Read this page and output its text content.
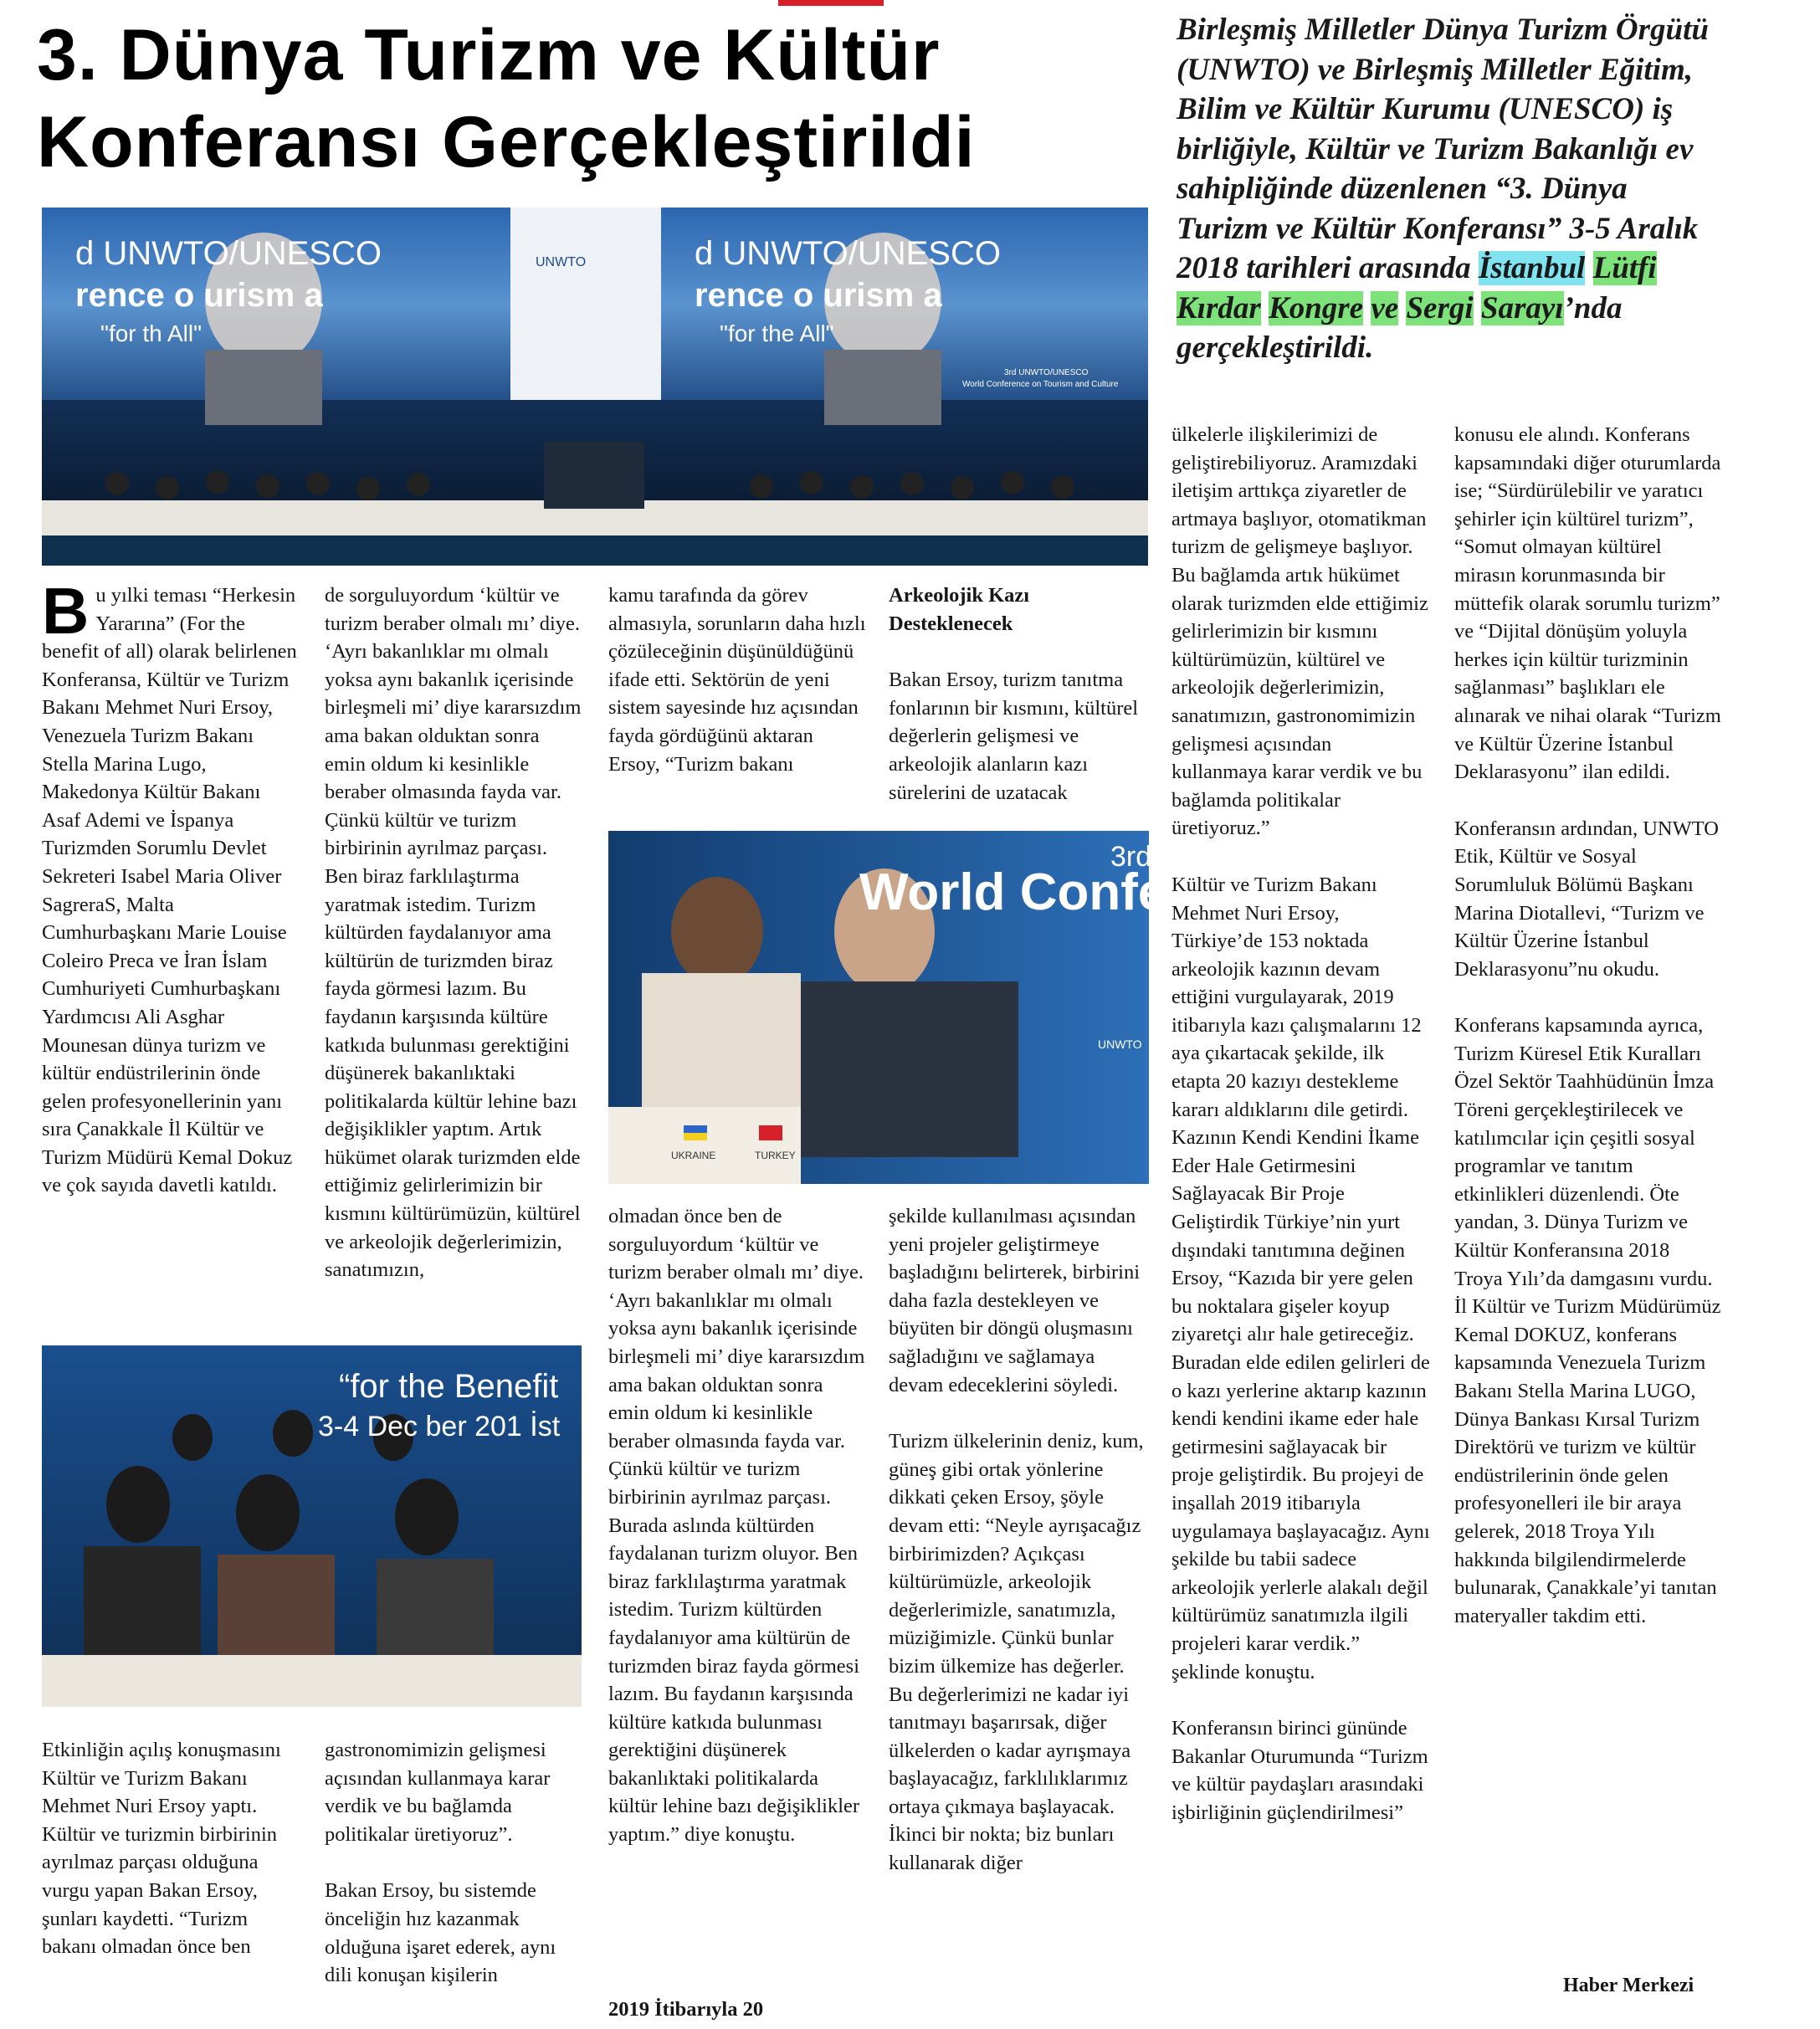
3. Dünya Turizm ve Kültür
Konferansı Gerçekleştirildi

Birleşmiş Milletler Dünya Turizm Örgütü (UNWTO) ve Birleşmiş Milletler Eğitim, Bilim ve Kültür Kurumu (UNESCO) iş birliğiyle, Kültür ve Turizm Bakanlığı ev sahipliğinde düzenlenen “3. Dünya Turizm ve Kültür Konferansı” 3-5 Aralık 2018 tarihleri arasında İstanbul Lütfi Kırdar Kongre ve Sergi Sarayı’nda gerçekleştirildi.

d UNWTO/UNESCO
rence o urism a
"for th All"
d UNWTO/UNESCO
rence o urism a
"for the All"
UNWTO
3rd UNWTO/UNESCO
World Conference on Tourism and Culture
3rd
World Confer
UNWTO
UKRAINE	TURKEY
“for the Benefit
3-4 Dec ber 201 İst

Bu yılki teması “Herkesin Yararına” (For the benefit of all) olarak belirlenen Konferansa, Kültür ve Turizm Bakanı Mehmet Nuri Ersoy, Venezuela Turizm Bakanı Stella Marina Lugo, Makedonya Kültür Bakanı Asaf Ademi ve İspanya Turizmden Sorumlu Devlet Sekreteri Isabel Maria Oliver SagreraS, Malta Cumhurbaşkanı Marie Louise Coleiro Preca ve İran İslam Cumhuriyeti Cumhurbaşkanı Yardımcısı Ali Asghar Mounesan dünya turizm ve kültür endüstrilerinin önde gelen profesyonellerinin yanı sıra Çanakkale İl Kültür ve Turizm Müdürü Kemal Dokuz ve çok sayıda davetli katıldı.

Etkinliğin açılış konuşmasını Kültür ve Turizm Bakanı Mehmet Nuri Ersoy yaptı. Kültür ve turizmin birbirinin ayrılmaz parçası olduğuna vurgu yapan Bakan Ersoy, şunları kaydetti. “Turizm bakanı olmadan önce ben

de sorguluyordum ‘kültür ve turizm beraber olmalı mı’ diye. ‘Ayrı bakanlıklar mı olmalı yoksa aynı bakanlık içerisinde birleşmeli mi’ diye kararsızdım ama bakan olduktan sonra emin oldum ki kesinlikle beraber olmasında fayda var. Çünkü kültür ve turizm birbirinin ayrılmaz parçası. Ben biraz farklılaştırma yaratmak istedim. Turizm kültürden faydalanıyor ama kültürün de turizmden biraz fayda görmesi lazım. Bu faydanın karşısında kültüre katkıda bulunması gerektiğini düşünerek bakanlıktaki politikalarda kültür lehine bazı değişiklikler yaptım. Artık hükümet olarak turizmden elde ettiğimiz gelirlerimizin bir kısmını kültürümüzün, kültürel ve arkeolojik değerlerimizin, sanatımızın,

gastronomimizin gelişmesi açısından kullanmaya karar verdik ve bu bağlamda politikalar üretiyoruz”.

Bakan Ersoy, bu sistemde önceliğin hız kazanmak olduğuna işaret ederek, aynı dili konuşan kişilerin

kamu tarafında da görev almasıyla, sorunların daha hızlı çözüleceğinin düşünüldüğünü ifade etti. Sektörün de yeni sistem sayesinde hız açısından fayda gördüğünü aktaran Ersoy, “Turizm bakanı

olmadan önce ben de sorguluyordum ‘kültür ve turizm beraber olmalı mı’ diye. ‘Ayrı bakanlıklar mı olmalı yoksa aynı bakanlık içerisinde birleşmeli mi’ diye kararsızdım ama bakan olduktan sonra emin oldum ki kesinlikle beraber olmasında fayda var. Çünkü kültür ve turizm birbirinin ayrılmaz parçası. Burada aslında kültürden faydalanan turizm oluyor. Ben biraz farklılaştırma yaratmak istedim. Turizm kültürden faydalanıyor ama kültürün de turizmden biraz fayda görmesi lazım. Bu faydanın karşısında kültüre katkıda bulunması gerektiğini düşünerek bakanlıktaki politikalarda kültür lehine bazı değişiklikler yaptım.” diye konuştu.

2019 İtibarıyla 20

Arkeolojik Kazı Desteklenecek

Bakan Ersoy, turizm tanıtma fonlarının bir kısmını, kültürel değerlerin gelişmesi ve arkeolojik alanların kazı sürelerini de uzatacak

şekilde kullanılması açısından yeni projeler geliştirmeye başladığını belirterek, birbirini daha fazla destekleyen ve büyüten bir döngü oluşmasını sağladığını ve sağlamaya devam edeceklerini söyledi.

Turizm ülkelerinin deniz, kum, güneş gibi ortak yönlerine dikkati çeken Ersoy, şöyle devam etti: “Neyle ayrışacağız birbirimizden? Açıkçası kültürümüzle, arkeolojik değerlerimizle, sanatımızla, müziğimizle. Çünkü bunlar bizim ülkemize has değerler. Bu değerlerimizi ne kadar iyi tanıtmayı başarırsak, diğer ülkelerden o kadar ayrışmaya başlayacağız, farklılıklarımız ortaya çıkmaya başlayacak. İkinci bir nokta; biz bunları kullanarak diğer

ülkelerle ilişkilerimizi de geliştirebiliyoruz. Aramızdaki iletişim arttıkça ziyaretler de artmaya başlıyor, otomatikman turizm de gelişmeye başlıyor. Bu bağlamda artık hükümet olarak turizmden elde ettiğimiz gelirlerimizin bir kısmını kültürümüzün, kültürel ve arkeolojik değerlerimizin, sanatımızın, gastronomimizin gelişmesi açısından kullanmaya karar verdik ve bu bağlamda politikalar üretiyoruz.”

Kültür ve Turizm Bakanı Mehmet Nuri Ersoy, Türkiye’de 153 noktada arkeolojik kazının devam ettiğini vurgulayarak, 2019 itibarıyla kazı çalışmalarını 12 aya çıkartacak şekilde, ilk etapta 20 kazıyı destekleme kararı aldıklarını dile getirdi. Kazının Kendi Kendini İkame Eder Hale Getirmesini Sağlayacak Bir Proje Geliştirdik Türkiye’nin yurt dışındaki tanıtımına değinen Ersoy, “Kazıda bir yere gelen bu noktalara gişeler koyup ziyaretçi alır hale getireceğiz. Buradan elde edilen gelirleri de o kazı yerlerine aktarıp kazının kendi kendini ikame eder hale getirmesini sağlayacak bir proje geliştirdik. Bu projeyi de inşallah 2019 itibarıyla uygulamaya başlayacağız. Aynı şekilde bu tabii sadece arkeolojik yerlerle alakalı değil kültürümüz sanatımızla ilgili projeleri karar verdik.” şeklinde konuştu.

Konferansın birinci gününde Bakanlar Oturumunda “Turizm ve kültür paydaşları arasındaki işbirliğinin güçlendirilmesi”

konusu ele alındı. Konferans kapsamındaki diğer oturumlarda ise; “Sürdürülebilir ve yaratıcı şehirler için kültürel turizm”, “Somut olmayan kültürel mirasın korunmasında bir müttefik olarak sorumlu turizm” ve “Dijital dönüşüm yoluyla herkes için kültür turizminin sağlanması” başlıkları ele alınarak ve nihai olarak “Turizm ve Kültür Üzerine İstanbul Deklarasyonu” ilan edildi.

Konferansın ardından, UNWTO Etik, Kültür ve Sosyal Sorumluluk Bölümü Başkanı Marina Diotallevi, “Turizm ve Kültür Üzerine İstanbul Deklarasyonu”nu okudu.

Konferans kapsamında ayrıca, Turizm Küresel Etik Kuralları Özel Sektör Taahhüdünün İmza Töreni gerçekleştirilecek ve katılımcılar için çeşitli sosyal programlar ve tanıtım etkinlikleri düzenlendi. Öte yandan, 3. Dünya Turizm ve Kültür Konferansına 2018 Troya Yılı’da damgasını vurdu. İl Kültür ve Turizm Müdürümüz Kemal DOKUZ, konferans kapsamında Venezuela Turizm Bakanı Stella Marina LUGO, Dünya Bankası Kırsal Turizm Direktörü ve turizm ve kültür endüstrilerinin önde gelen profesyonelleri ile bir araya gelerek, 2018 Troya Yılı hakkında bilgilendirmelerde bulunarak, Çanakkale’yi tanıtan materyaller takdim etti.

Haber Merkezi
